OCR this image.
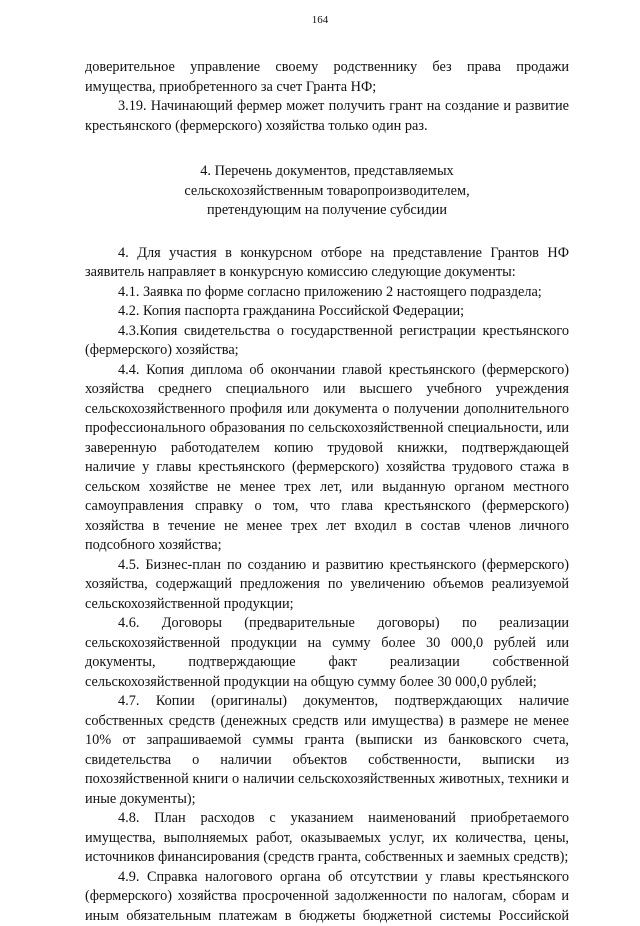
164

доверительное управление своему родственнику без права продажи имущества, приобретенного за счет Гранта НФ;

3.19. Начинающий фермер может получить грант на создание и развитие крестьянского (фермерского) хозяйства только один раз.

4. Перечень документов, представляемых
сельскохозяйственным товаропроизводителем,
претендующим на получение субсидии

4. Для участия в конкурсном отборе на представление Грантов НФ заявитель направляет в конкурсную комиссию следующие документы:

4.1. Заявка по форме согласно приложению 2 настоящего подраздела;

4.2. Копия паспорта гражданина Российской Федерации;

4.3.Копия свидетельства о государственной регистрации крестьянского (фермерского) хозяйства;

4.4. Копия диплома об окончании главой крестьянского (фермерского) хозяйства среднего специального или высшего учебного учреждения сельскохозяйственного профиля или документа о получении дополнительного профессионального образования по сельскохозяйственной специальности, или заверенную работодателем копию трудовой книжки, подтверждающей наличие у главы крестьянского (фермерского) хозяйства трудового стажа в сельском хозяйстве не менее трех лет, или выданную органом местного самоуправления справку о том, что глава крестьянского (фермерского) хозяйства в течение не менее трех лет входил в состав членов личного подсобного хозяйства;

4.5. Бизнес-план по созданию и развитию крестьянского (фермерского) хозяйства, содержащий предложения по увеличению объемов реализуемой сельскохозяйственной продукции;

4.6. Договоры (предварительные договоры) по реализации сельскохозяйственной продукции на сумму более 30 000,0 рублей или документы, подтверждающие факт реализации собственной сельскохозяйственной продукции на общую сумму более 30 000,0 рублей;

4.7. Копии (оригиналы) документов, подтверждающих наличие собственных средств (денежных средств или имущества) в размере не менее 10% от запрашиваемой суммы гранта (выписки из банковского счета, свидетельства о наличии объектов собственности, выписки из похозяйственной книги о наличии сельскохозяйственных животных, техники и иные документы);

4.8. План расходов с указанием наименований приобретаемого имущества, выполняемых работ, оказываемых услуг, их количества, цены, источников финансирования (средств гранта, собственных и заемных средств);

4.9. Справка налогового органа об отсутствии у главы крестьянского (фермерского) хозяйства просроченной задолженности по налогам, сборам и иным обязательным платежам в бюджеты бюджетной системы Российской
